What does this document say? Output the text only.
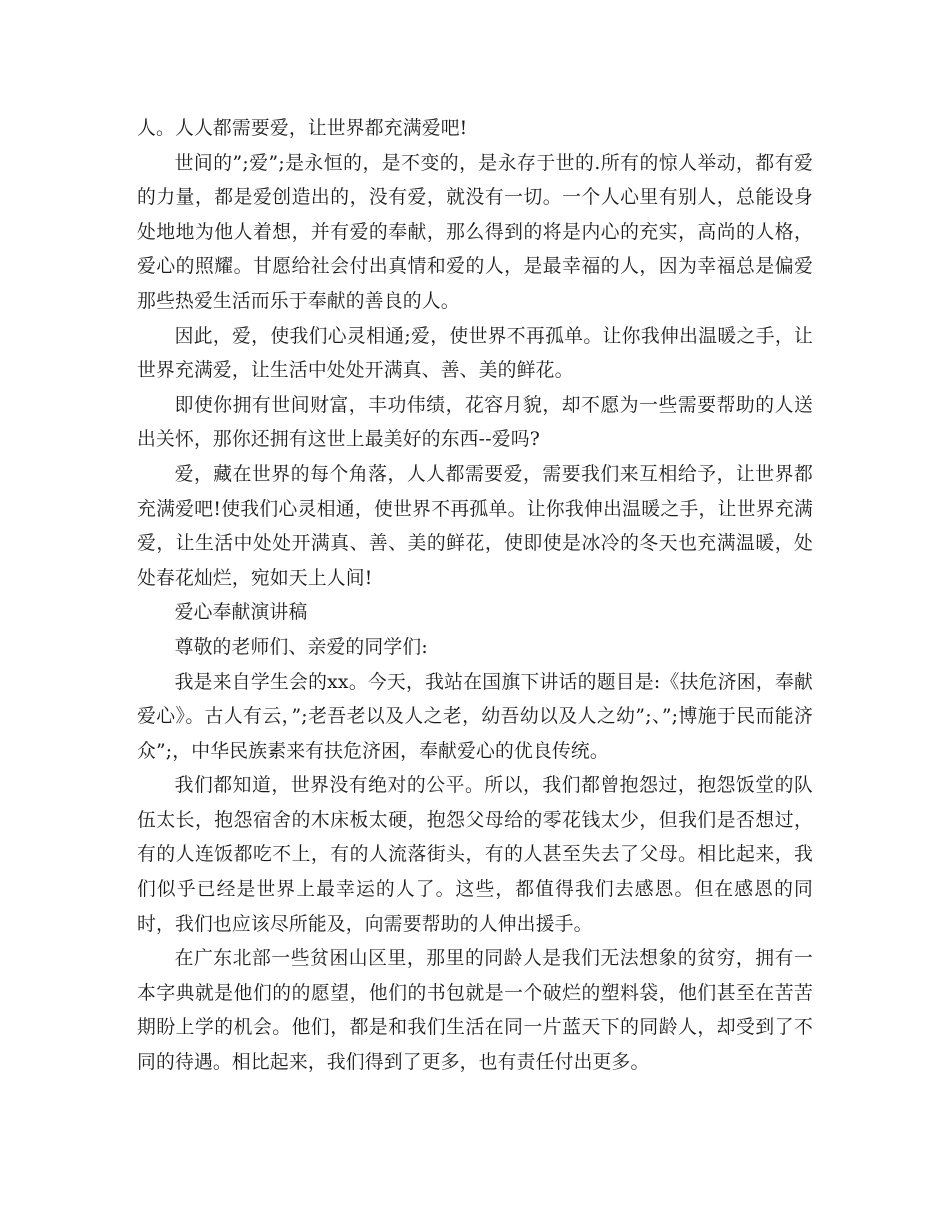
人。人人都需要爱，让世界都充满爱吧!

世间的”;爱”;是永恒的，是不变的，是永存于世的.所有的惊人举动，都有爱的力量，都是爱创造出的，没有爱，就没有一切。一个人心里有别人，总能设身处地地为他人着想，并有爱的奉献，那么得到的将是内心的充实，高尚的人格，爱心的照耀。甘愿给社会付出真情和爱的人，是最幸福的人，因为幸福总是偏爱那些热爱生活而乐于奉献的善良的人。

因此，爱，使我们心灵相通;爱，使世界不再孤单。让你我伸出温暖之手，让世界充满爱，让生活中处处开满真、善、美的鲜花。

即使你拥有世间财富，丰功伟绩，花容月貌，却不愿为一些需要帮助的人送出关怀，那你还拥有这世上最美好的东西--爱吗?

爱，藏在世界的每个角落，人人都需要爱，需要我们来互相给予，让世界都充满爱吧!使我们心灵相通，使世界不再孤单。让你我伸出温暖之手，让世界充满爱，让生活中处处开满真、善、美的鲜花，使即使是冰冷的冬天也充满温暖，处处春花灿烂，宛如天上人间!

爱心奉献演讲稿

尊敬的老师们、亲爱的同学们:

我是来自学生会的xx。今天，我站在国旗下讲话的题目是:《扶危济困，奉献爱心》。古人有云，”;老吾老以及人之老，幼吾幼以及人之幼”;、”;博施于民而能济众”;，中华民族素来有扶危济困，奉献爱心的优良传统。

我们都知道，世界没有绝对的公平。所以，我们都曾抱怨过，抱怨饭堂的队伍太长，抱怨宿舍的木床板太硬，抱怨父母给的零花钱太少，但我们是否想过，有的人连饭都吃不上，有的人流落街头，有的人甚至失去了父母。相比起来，我们似乎已经是世界上最幸运的人了。这些，都值得我们去感恩。但在感恩的同时，我们也应该尽所能及，向需要帮助的人伸出援手。

在广东北部一些贫困山区里，那里的同龄人是我们无法想象的贫穷，拥有一本字典就是他们的的愿望，他们的书包就是一个破烂的塑料袋，他们甚至在苦苦期盼上学的机会。他们，都是和我们生活在同一片蓝天下的同龄人，却受到了不同的待遇。相比起来，我们得到了更多，也有责任付出更多。
